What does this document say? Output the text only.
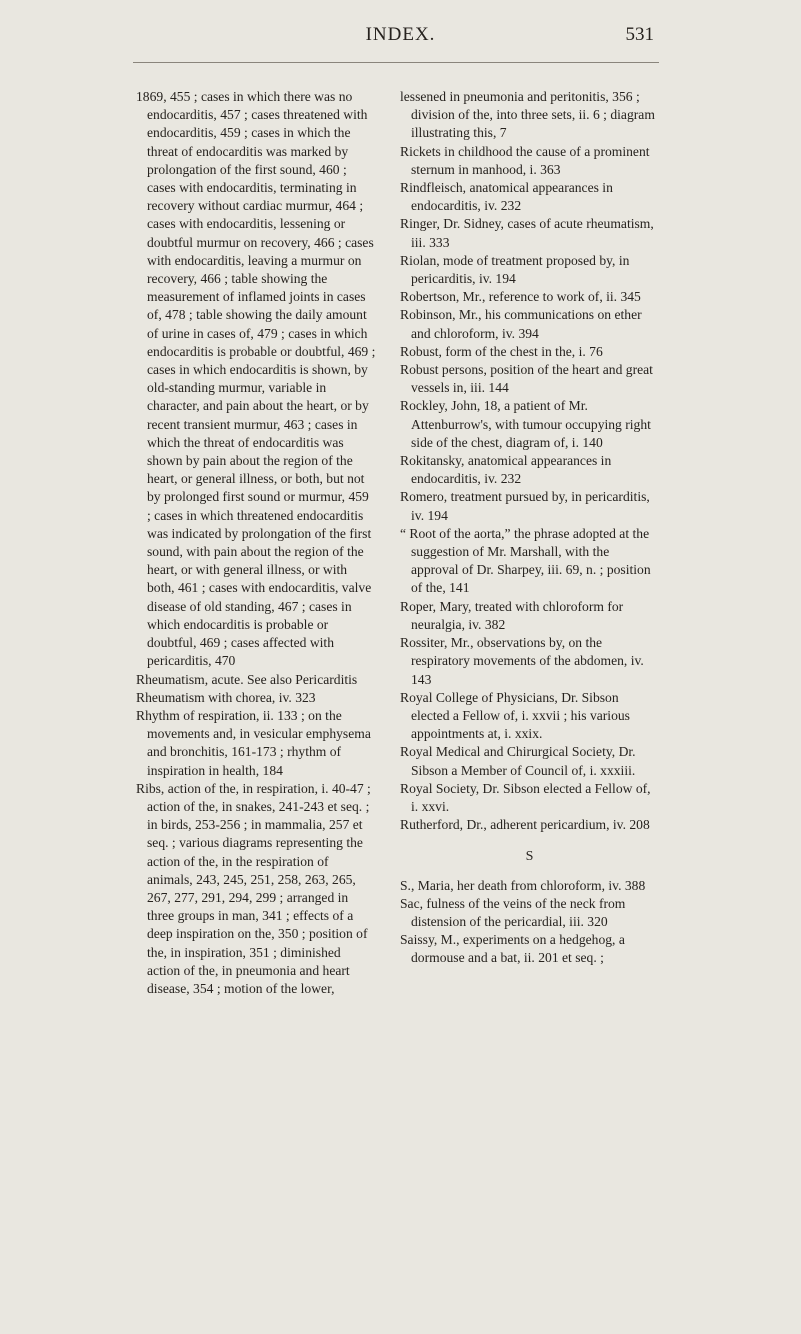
INDEX.	531

1869, 455 ; cases in which there was no endocarditis, 457 ; cases threatened with endocarditis, 459 ; cases in which the threat of endocarditis was marked by prolongation of the first sound, 460 ; cases with endocarditis, terminating in recovery without cardiac murmur, 464 ; cases with endocarditis, lessening or doubtful murmur on recovery, 466 ; cases with endocarditis, leaving a murmur on recovery, 466 ; table showing the measurement of inflamed joints in cases of, 478 ; table showing the daily amount of urine in cases of, 479 ; cases in which endocarditis is probable or doubtful, 469 ; cases in which endocarditis is shown, by old-standing murmur, variable in character, and pain about the heart, or by recent transient murmur, 463 ; cases in which the threat of endocarditis was shown by pain about the region of the heart, or general illness, or both, but not by prolonged first sound or murmur, 459 ; cases in which threatened endocarditis was indicated by prolongation of the first sound, with pain about the region of the heart, or with general illness, or with both, 461 ; cases with endocarditis, valve disease of old standing, 467 ; cases in which endocarditis is probable or doubtful, 469 ; cases affected with pericarditis, 470

Rheumatism, acute. See also Pericarditis

Rheumatism with chorea, iv. 323

Rhythm of respiration, ii. 133 ; on the movements and, in vesicular emphysema and bronchitis, 161-173 ; rhythm of inspiration in health, 184

Ribs, action of the, in respiration, i. 40-47 ; action of the, in snakes, 241-243 et seq. ; in birds, 253-256 ; in mammalia, 257 et seq. ; various diagrams representing the action of the, in the respiration of animals, 243, 245, 251, 258, 263, 265, 267, 277, 291, 294, 299 ; arranged in three groups in man, 341 ; effects of a deep inspiration on the, 350 ; position of the, in inspiration, 351 ; diminished action of the, in pneumonia and heart disease, 354 ; motion of the lower,

lessened in pneumonia and peritonitis, 356 ; division of the, into three sets, ii. 6 ; diagram illustrating this, 7

Rickets in childhood the cause of a prominent sternum in manhood, i. 363

Rindfleisch, anatomical appearances in endocarditis, iv. 232

Ringer, Dr. Sidney, cases of acute rheumatism, iii. 333

Riolan, mode of treatment proposed by, in pericarditis, iv. 194

Robertson, Mr., reference to work of, ii. 345

Robinson, Mr., his communications on ether and chloroform, iv. 394

Robust, form of the chest in the, i. 76

Robust persons, position of the heart and great vessels in, iii. 144

Rockley, John, 18, a patient of Mr. Attenburrow's, with tumour occupying right side of the chest, diagram of, i. 140

Rokitansky, anatomical appearances in endocarditis, iv. 232

Romero, treatment pursued by, in pericarditis, iv. 194

“ Root of the aorta,” the phrase adopted at the suggestion of Mr. Marshall, with the approval of Dr. Sharpey, iii. 69, n. ; position of the, 141

Roper, Mary, treated with chloroform for neuralgia, iv. 382

Rossiter, Mr., observations by, on the respiratory movements of the abdomen, iv. 143

Royal College of Physicians, Dr. Sibson elected a Fellow of, i. xxvii ; his various appointments at, i. xxix.

Royal Medical and Chirurgical Society, Dr. Sibson a Member of Council of, i. xxxiii.

Royal Society, Dr. Sibson elected a Fellow of, i. xxvi.

Rutherford, Dr., adherent pericardium, iv. 208

S

S., Maria, her death from chloroform, iv. 388

Sac, fulness of the veins of the neck from distension of the pericardial, iii. 320

Saissy, M., experiments on a hedgehog, a dormouse and a bat, ii. 201 et seq. ;
